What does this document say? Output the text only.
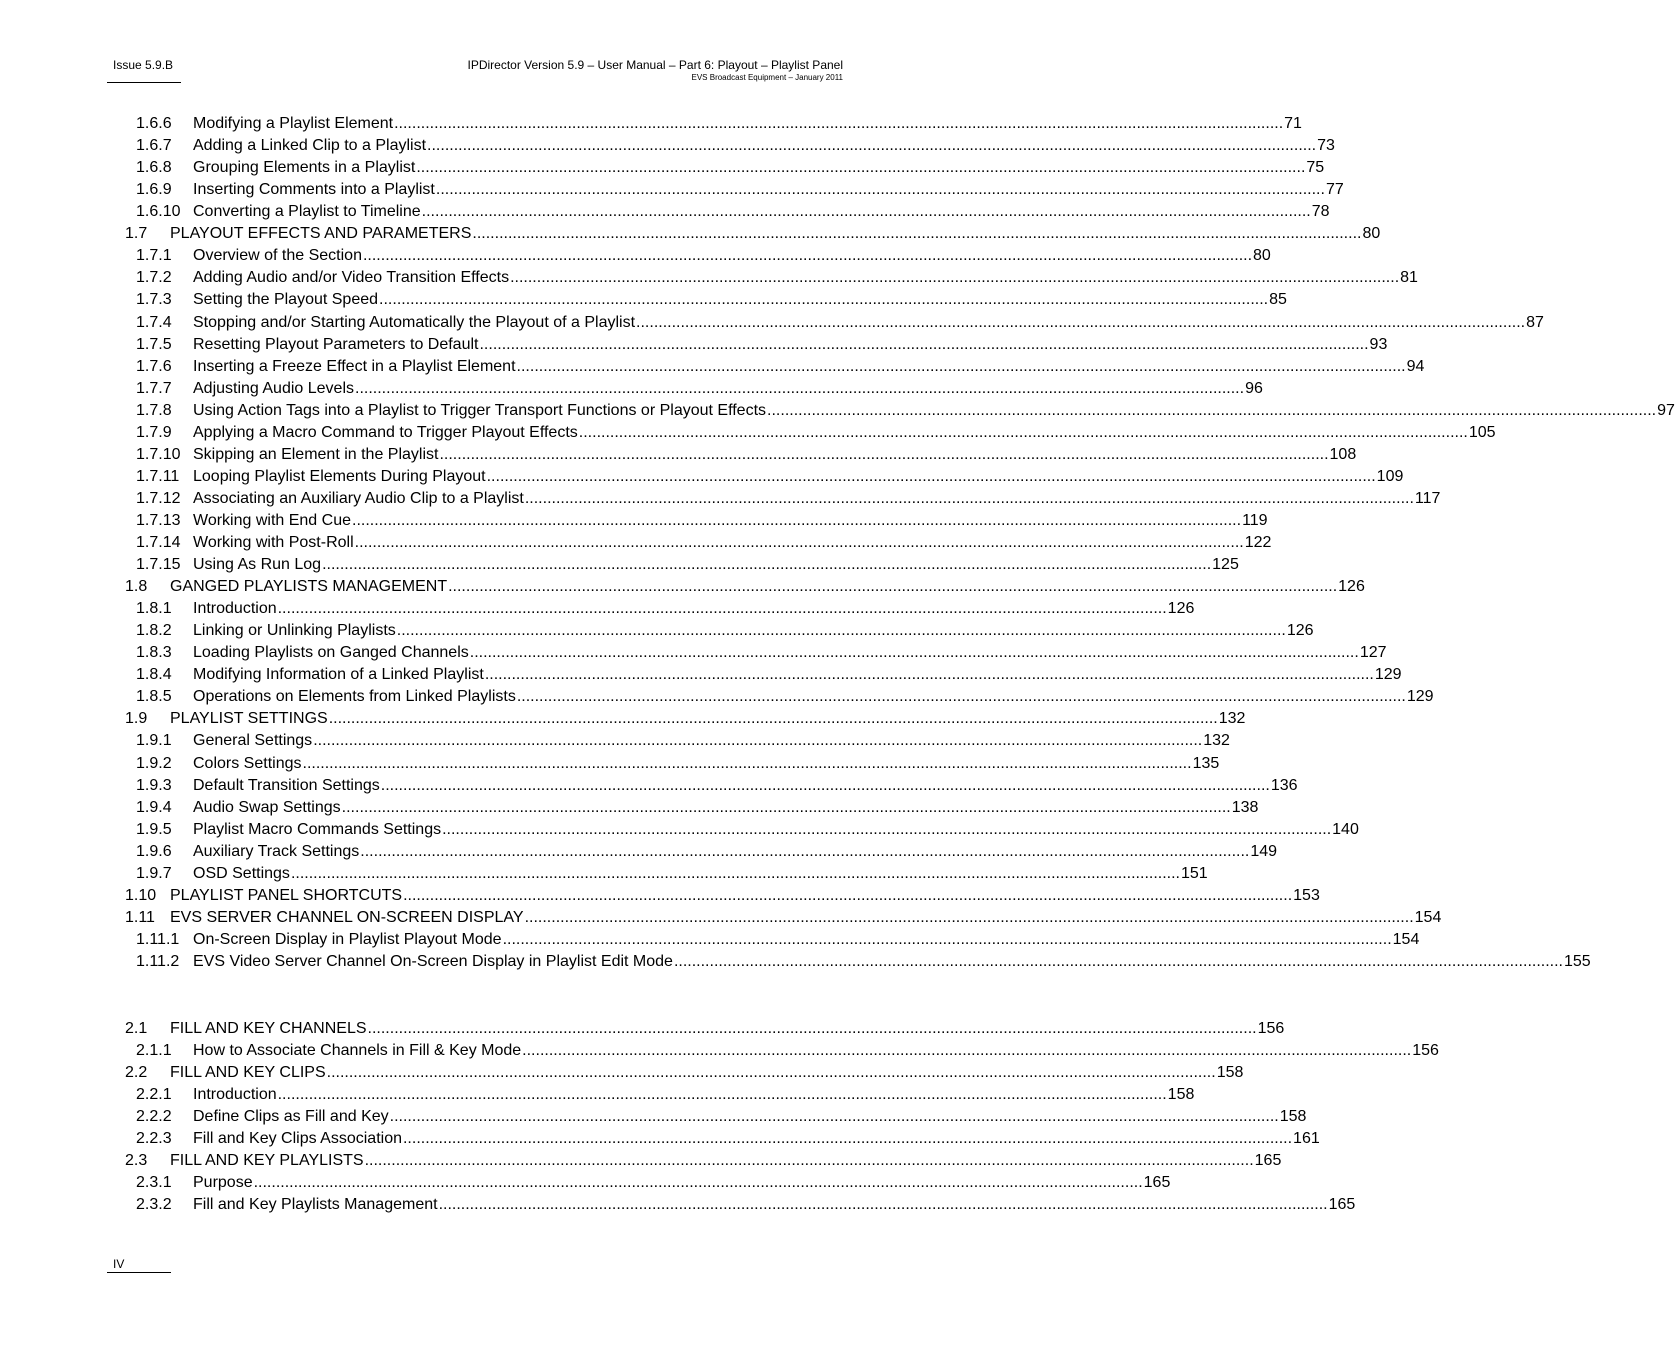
Issue 5.9.B	IPDirector Version 5.9 – User Manual – Part 6: Playout – Playlist Panel
EVS Broadcast Equipment – January 2011
1.6.6 Modifying a Playlist Element ........................................................................................................................................................................................................ 71
1.6.7 Adding a Linked Clip to a Playlist ........................................................................................................................................................................................................ 73
1.6.8 Grouping Elements in a Playlist ........................................................................................................................................................................................................ 75
1.6.9 Inserting Comments into a Playlist ........................................................................................................................................................................................................ 77
1.6.10 Converting a Playlist to Timeline ........................................................................................................................................................................................................ 78
1.7 PLAYOUT EFFECTS AND PARAMETERS ........................................................................................................................................................................................................ 80
1.7.1 Overview of the Section ........................................................................................................................................................................................................ 80
1.7.2 Adding Audio and/or Video Transition Effects ........................................................................................................................................................................................................ 81
1.7.3 Setting the Playout Speed ........................................................................................................................................................................................................ 85
1.7.4 Stopping and/or Starting Automatically the Playout of a Playlist ........................................................................................................................................................................................................ 87
1.7.5 Resetting Playout Parameters to Default ........................................................................................................................................................................................................ 93
1.7.6 Inserting a Freeze Effect in a Playlist Element ........................................................................................................................................................................................................ 94
1.7.7 Adjusting Audio Levels ........................................................................................................................................................................................................ 96
1.7.8 Using Action Tags into a Playlist to Trigger Transport Functions or Playout Effects ........................................................................................................................................................................................................ 97
1.7.9 Applying a Macro Command to Trigger Playout Effects ........................................................................................................................................................................................................ 105
1.7.10 Skipping an Element in the Playlist ........................................................................................................................................................................................................ 108
1.7.11 Looping Playlist Elements During Playout ........................................................................................................................................................................................................ 109
1.7.12 Associating an Auxiliary Audio Clip to a Playlist ........................................................................................................................................................................................................ 117
1.7.13 Working with End Cue ........................................................................................................................................................................................................ 119
1.7.14 Working with Post-Roll ........................................................................................................................................................................................................ 122
1.7.15 Using As Run Log ........................................................................................................................................................................................................ 125
1.8 GANGED PLAYLISTS MANAGEMENT ........................................................................................................................................................................................................ 126
1.8.1 Introduction ........................................................................................................................................................................................................ 126
1.8.2 Linking or Unlinking Playlists ........................................................................................................................................................................................................ 126
1.8.3 Loading Playlists on Ganged Channels ........................................................................................................................................................................................................ 127
1.8.4 Modifying Information of a Linked Playlist ........................................................................................................................................................................................................ 129
1.8.5 Operations on Elements from Linked Playlists ........................................................................................................................................................................................................ 129
1.9 PLAYLIST SETTINGS ........................................................................................................................................................................................................ 132
1.9.1 General Settings ........................................................................................................................................................................................................ 132
1.9.2 Colors Settings ........................................................................................................................................................................................................ 135
1.9.3 Default Transition Settings ........................................................................................................................................................................................................ 136
1.9.4 Audio Swap Settings ........................................................................................................................................................................................................ 138
1.9.5 Playlist Macro Commands Settings ........................................................................................................................................................................................................ 140
1.9.6 Auxiliary Track Settings ........................................................................................................................................................................................................ 149
1.9.7 OSD Settings ........................................................................................................................................................................................................ 151
1.10 PLAYLIST PANEL SHORTCUTS ........................................................................................................................................................................................................ 153
1.11 EVS SERVER CHANNEL ON-SCREEN DISPLAY ........................................................................................................................................................................................................ 154
1.11.1 On-Screen Display in Playlist Playout Mode ........................................................................................................................................................................................................ 154
1.11.2 EVS Video Server Channel On-Screen Display in Playlist Edit Mode ........................................................................................................................................................................................................ 155
2.1 FILL AND KEY CHANNELS ........................................................................................................................................................................................................ 156
2.1.1 How to Associate Channels in Fill & Key Mode ........................................................................................................................................................................................................ 156
2.2 FILL AND KEY CLIPS ........................................................................................................................................................................................................ 158
2.2.1 Introduction ........................................................................................................................................................................................................ 158
2.2.2 Define Clips as Fill and Key ........................................................................................................................................................................................................ 158
2.2.3 Fill and Key Clips Association ........................................................................................................................................................................................................ 161
2.3 FILL AND KEY PLAYLISTS ........................................................................................................................................................................................................ 165
2.3.1 Purpose ........................................................................................................................................................................................................ 165
2.3.2 Fill and Key Playlists Management ........................................................................................................................................................................................................ 165
IV
